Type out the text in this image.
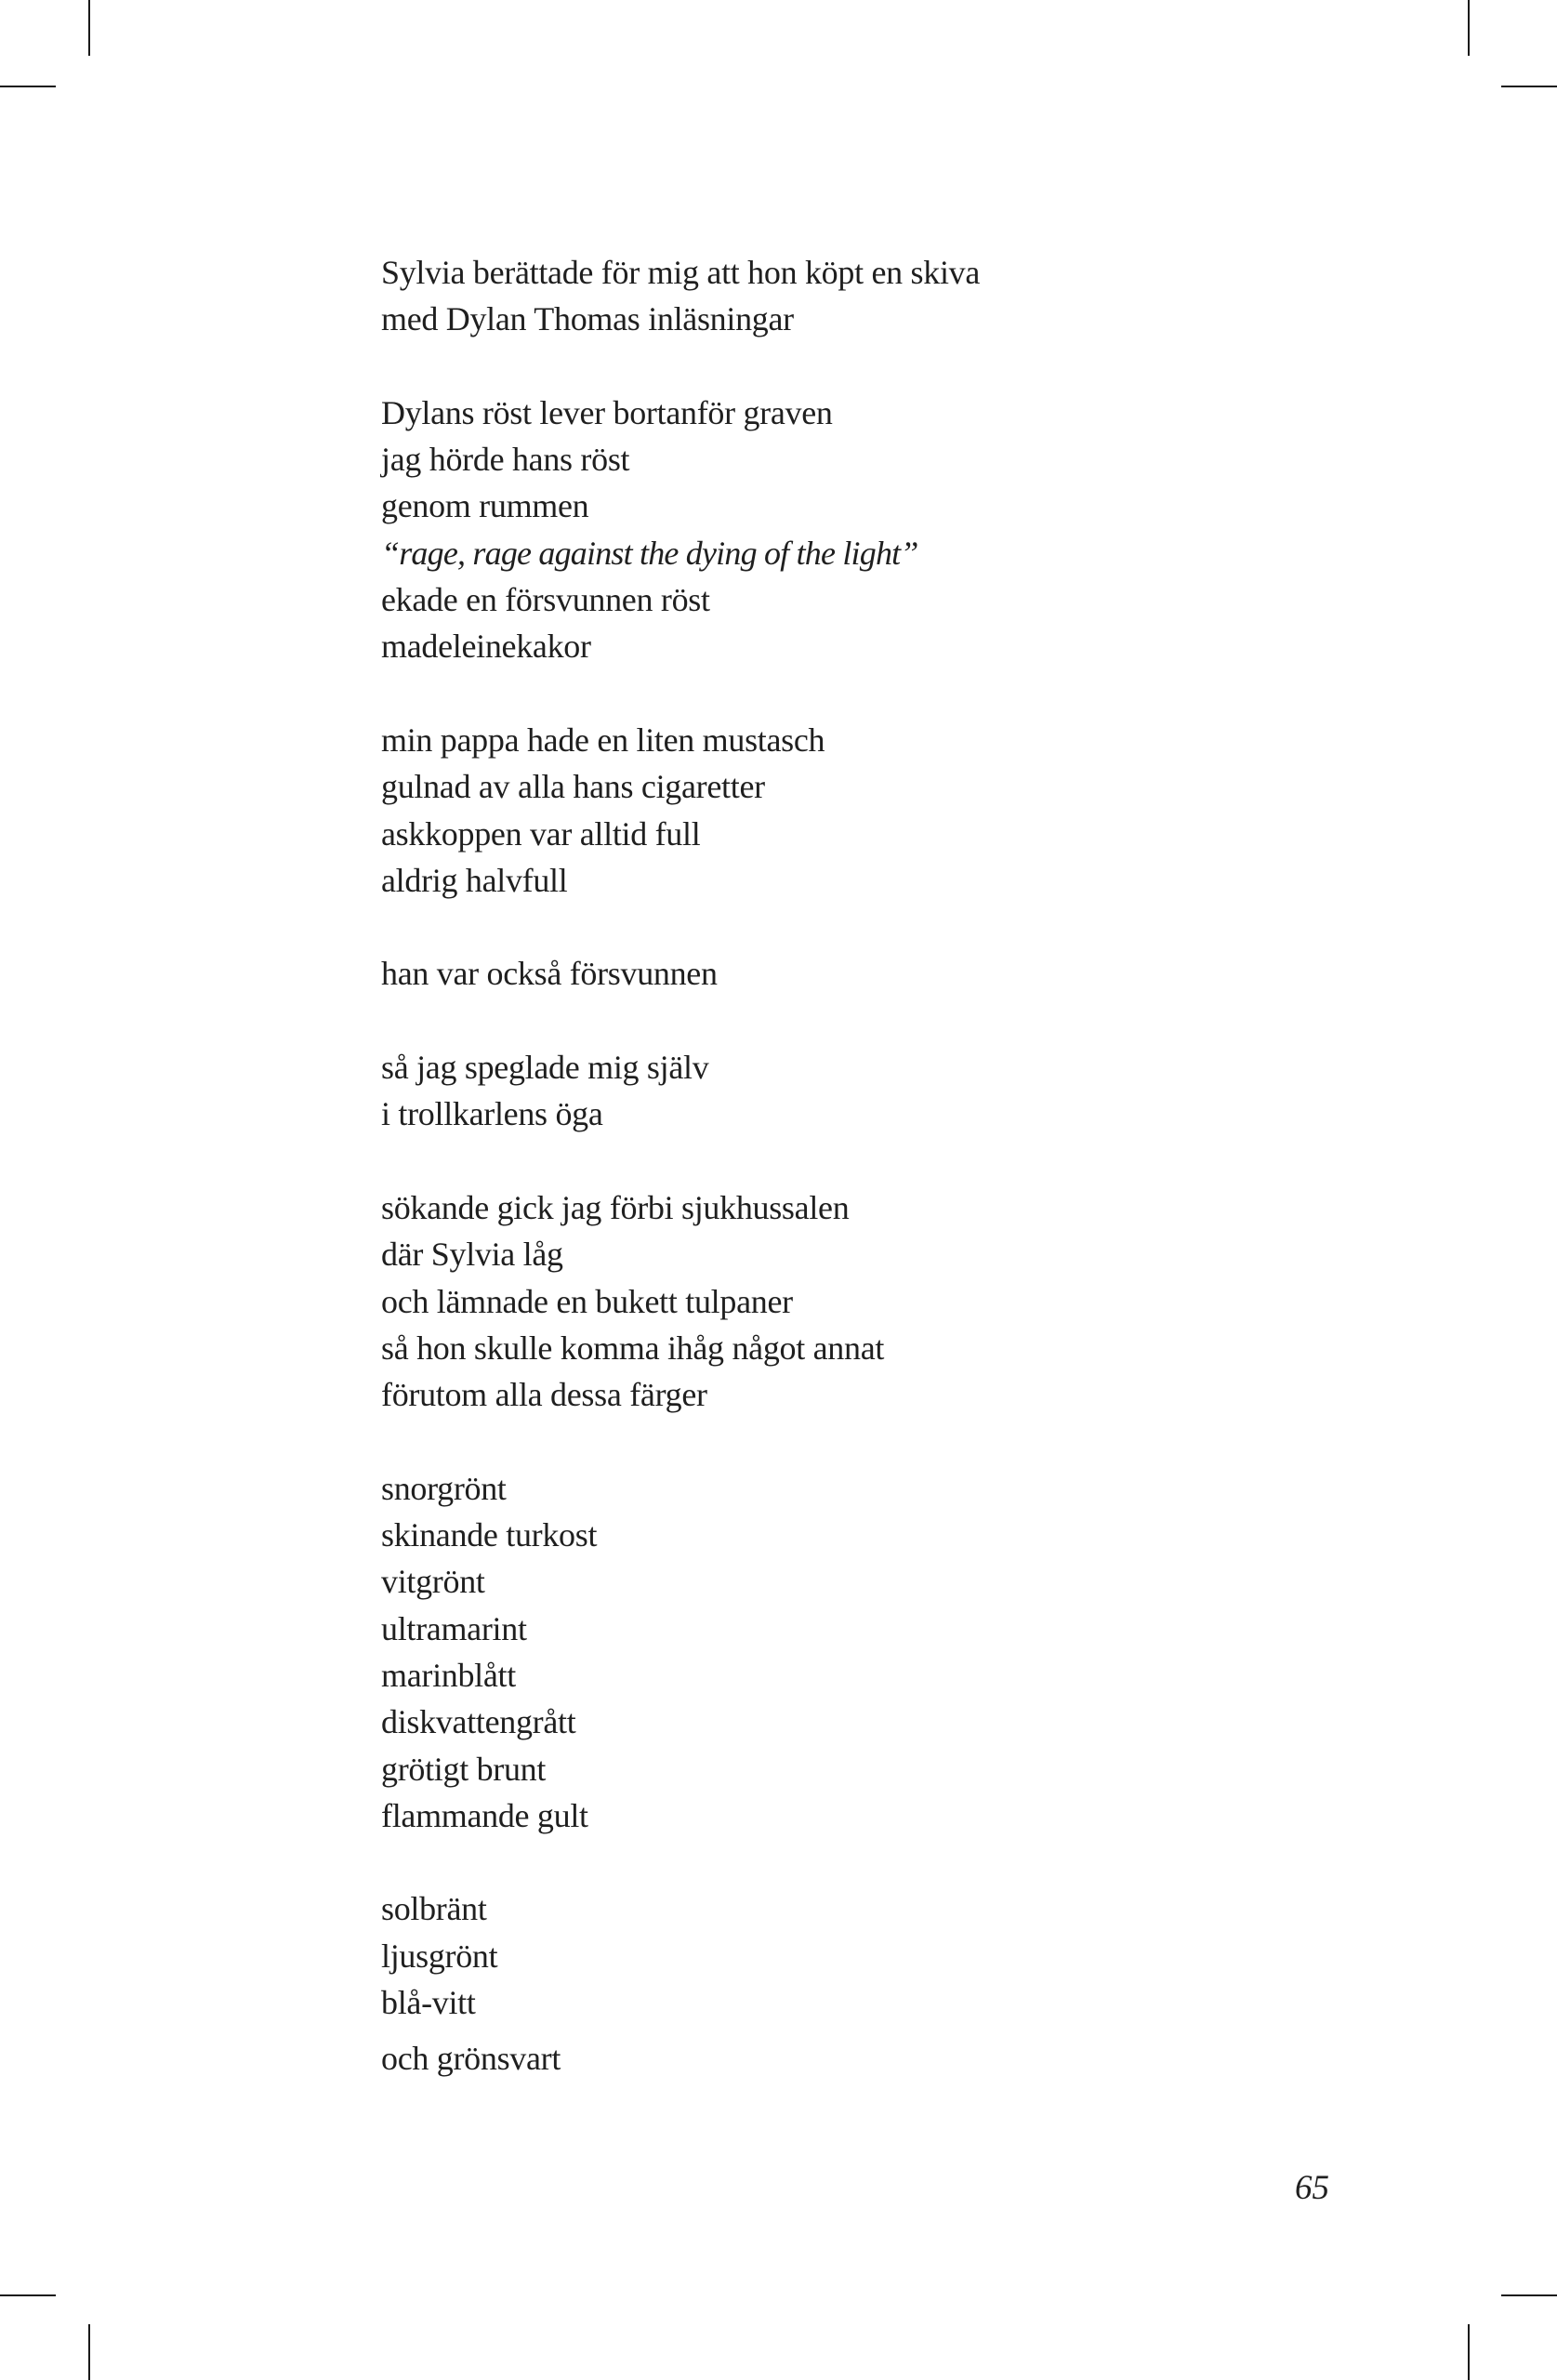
Sylvia berättade för mig att hon köpt en skiva
med Dylan Thomas inläsningar
Dylans röst lever bortanför graven
jag hörde hans röst
genom rummen
“rage, rage against the dying of the light”
ekade en försvunnen röst
madeleinekakor
min pappa hade en liten mustasch
gulnad av alla hans cigaretter
askkoppen var alltid full
aldrig halvfull
han var också försvunnen
så jag speglade mig själv
i trollkarlens öga
sökande gick jag förbi sjukhussalen
där Sylvia låg
och lämnade en bukett tulpaner
så hon skulle komma ihåg något annat
förutom alla dessa färger
snorgrönt
skinande turkost
vitgrönt
ultramarint
marinblått
diskvattengrått
grötigt brunt
flammande gult
solbränt
ljusgrönt
blå-vitt
och grönsvart
65
